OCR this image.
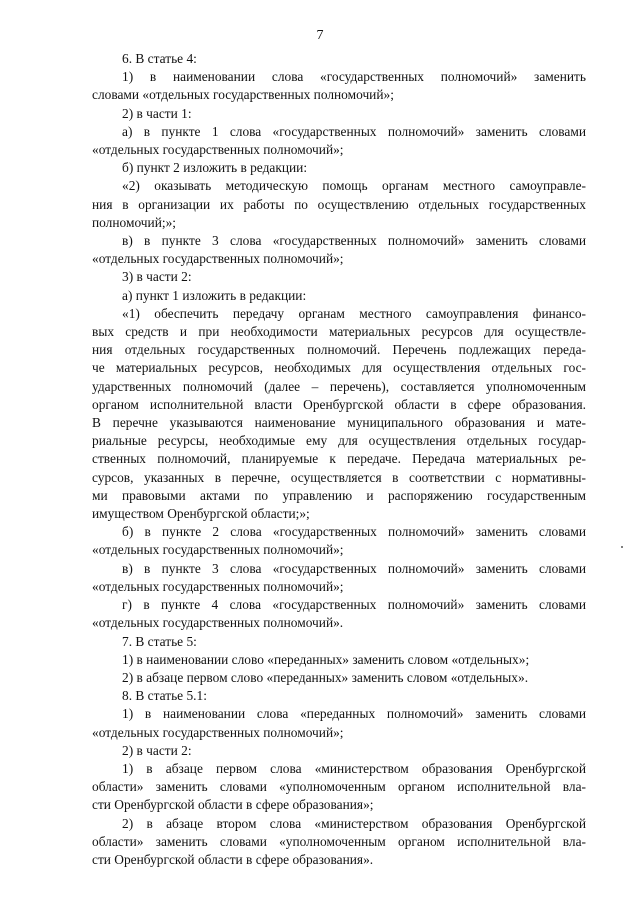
7
6. В статье 4:
1) в наименовании слова «государственных полномочий» заменить
словами «отдельных государственных полномочий»;
2) в части 1:
а) в пункте 1 слова «государственных полномочий» заменить словами
«отдельных государственных полномочий»;
б) пункт 2 изложить в редакции:
«2) оказывать методическую помощь органам местного самоуправле-
ния в организации их работы по осуществлению отдельных государственных
полномочий;»;
в) в пункте 3 слова «государственных полномочий» заменить словами
«отдельных государственных полномочий»;
3) в части 2:
а) пункт 1 изложить в редакции:
«1) обеспечить передачу органам местного самоуправления финансо-
вых средств и при необходимости материальных ресурсов для осуществле-
ния отдельных государственных полномочий. Перечень подлежащих переда-
че материальных ресурсов, необходимых для осуществления отдельных гос-
ударственных полномочий (далее – перечень), составляется уполномоченным
органом исполнительной власти Оренбургской области в сфере образования.
В перечне указываются наименование муниципального образования и мате-
риальные ресурсы, необходимые ему для осуществления отдельных государ-
ственных полномочий, планируемые к передаче. Передача материальных ре-
сурсов, указанных в перечне, осуществляется в соответствии с нормативны-
ми правовыми актами по управлению и распоряжению государственным
имуществом Оренбургской области;»;
б) в пункте 2 слова «государственных полномочий» заменить словами
«отдельных государственных полномочий»;
в) в пункте 3 слова «государственных полномочий» заменить словами
«отдельных государственных полномочий»;
г) в пункте 4 слова «государственных полномочий» заменить словами
«отдельных государственных полномочий».
7. В статье 5:
1) в наименовании слово «переданных» заменить словом «отдельных»;
2) в абзаце первом слово «переданных» заменить словом «отдельных».
8. В статье 5.1:
1) в наименовании слова «переданных полномочий» заменить словами
«отдельных государственных полномочий»;
2) в части 2:
1) в абзаце первом слова «министерством образования Оренбургской
области» заменить словами «уполномоченным органом исполнительной вла-
сти Оренбургской области в сфере образования»;
2) в абзаце втором слова «министерством образования Оренбургской
области» заменить словами «уполномоченным органом исполнительной вла-
сти Оренбургской области в сфере образования».
